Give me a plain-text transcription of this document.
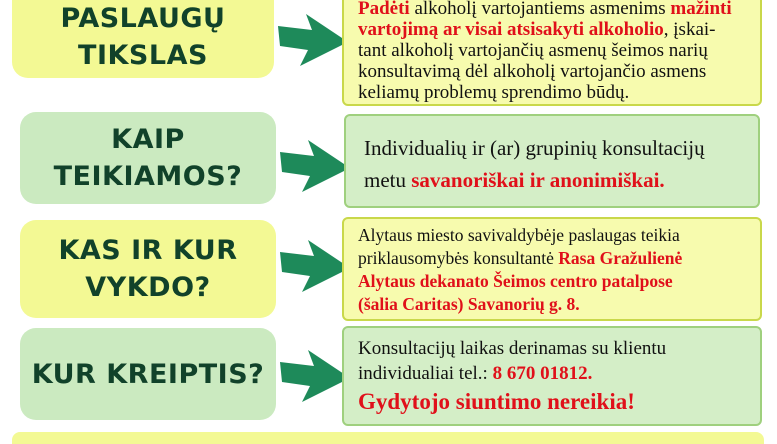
PASLAUGŲ
TIKSLAS
Padėti alkoholį vartojantiems asmenims mažinti
vartojimą ar visai atsisakyti alkoholio, įskai-
tant alkoholį vartojančių asmenų šeimos narių
konsultavimą dėl alkoholį vartojančio asmens
keliamų problemų sprendimo būdų.
KAIP
TEIKIAMOS?
Individualių ir (ar) grupinių konsultacijų
metu savanoriškai ir anonimiškai.
KAS IR KUR
VYKDO?
Alytaus miesto savivaldybėje paslaugas teikia
priklausomybės konsultantė Rasa Gražulienė
Alytaus dekanato Šeimos centro patalpose
(šalia Caritas) Savanorių g. 8.
KUR KREIPTIS?
Konsultacijų laikas derinamas su klientu
individualiai tel.: 8 670 01812.
Gydytojo siuntimo nereikia!
